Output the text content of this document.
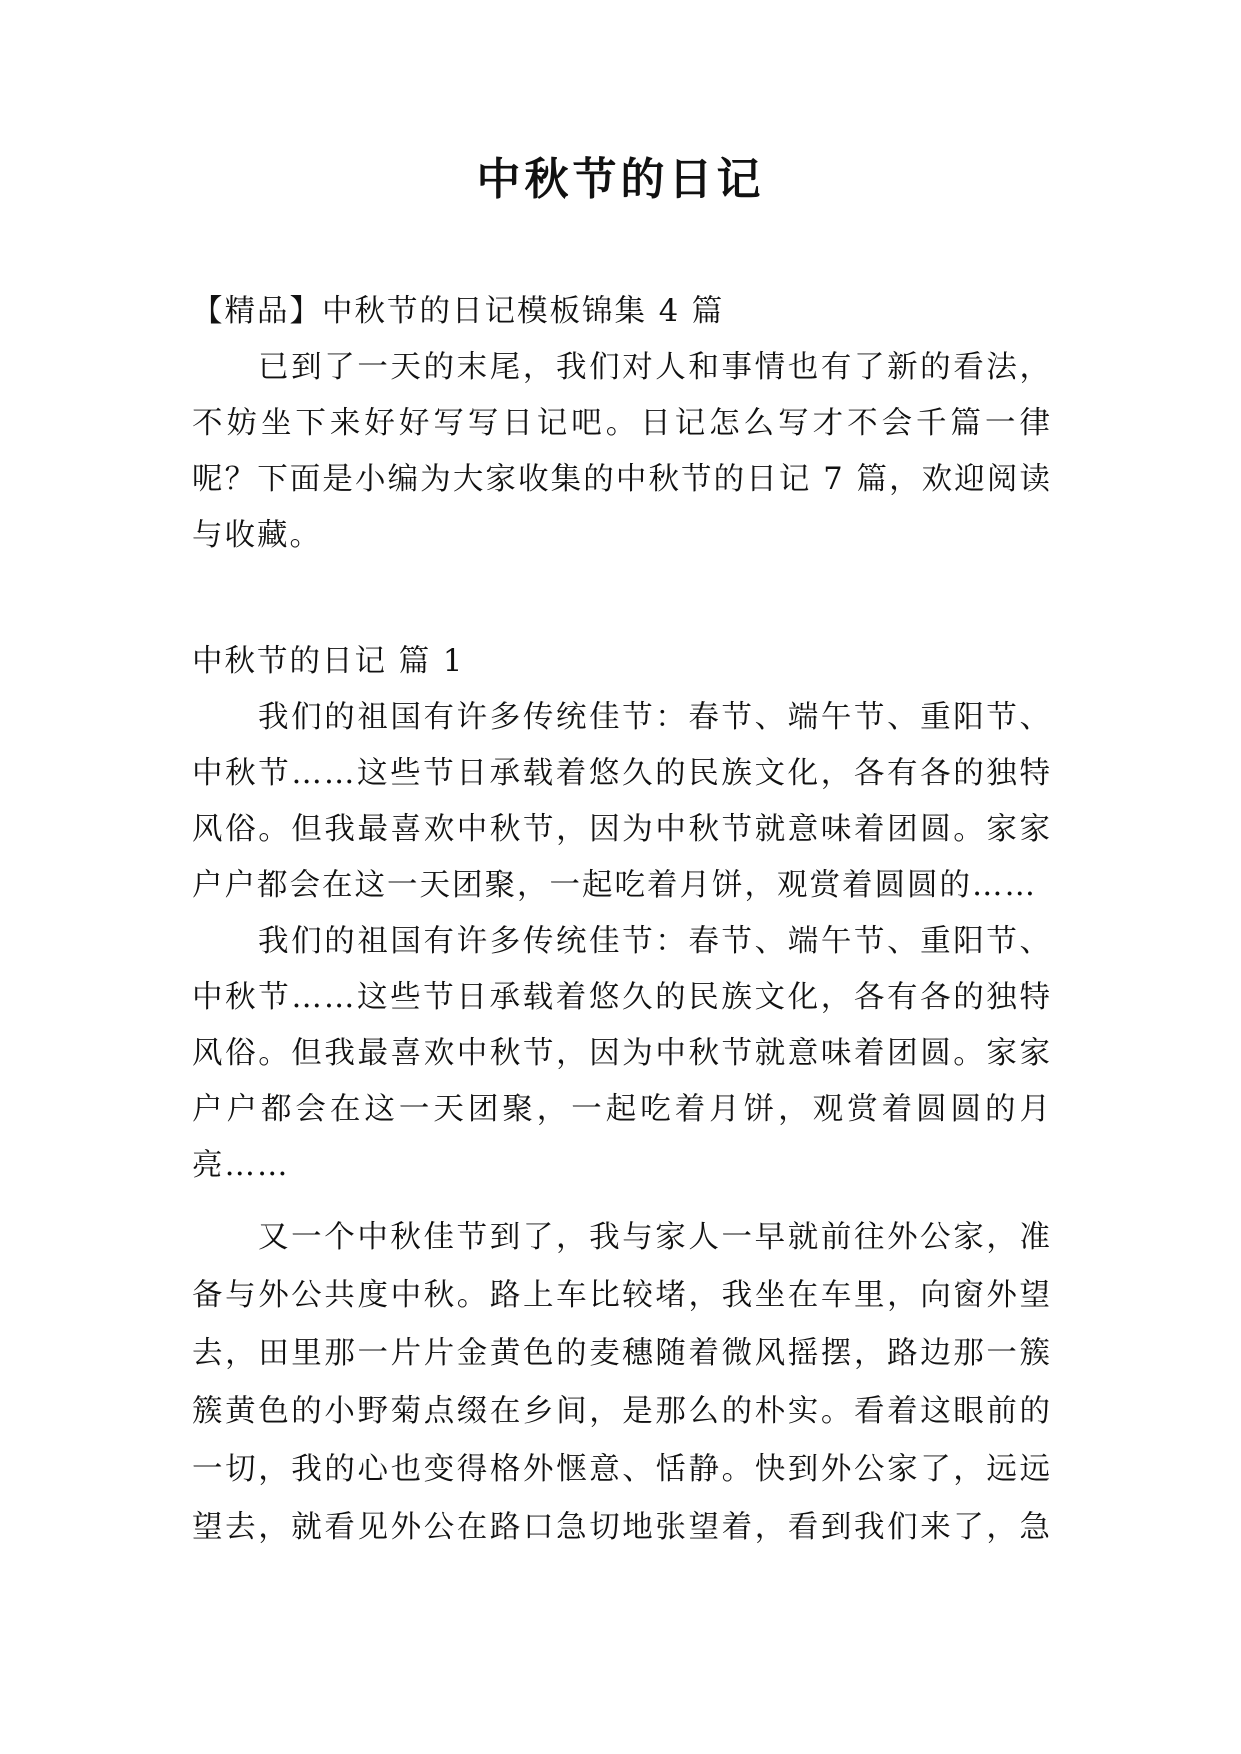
中秋节的日记

【精品】中秋节的日记模板锦集 4 篇

已到了一天的末尾，我们对人和事情也有了新的看法，

不妨坐下来好好写写日记吧。日记怎么写才不会千篇一律

呢？下面是小编为大家收集的中秋节的日记 7 篇，欢迎阅读

与收藏。

中秋节的日记 篇 1

我们的祖国有许多传统佳节：春节、端午节、重阳节、

中秋节……这些节日承载着悠久的民族文化，各有各的独特

风俗。但我最喜欢中秋节，因为中秋节就意味着团圆。家家

户户都会在这一天团聚，一起吃着月饼，观赏着圆圆的……

我们的祖国有许多传统佳节：春节、端午节、重阳节、

中秋节……这些节日承载着悠久的民族文化，各有各的独特

风俗。但我最喜欢中秋节，因为中秋节就意味着团圆。家家

户户都会在这一天团聚，一起吃着月饼，观赏着圆圆的月

亮……

又一个中秋佳节到了，我与家人一早就前往外公家，准

备与外公共度中秋。路上车比较堵，我坐在车里，向窗外望

去，田里那一片片金黄色的麦穗随着微风摇摆，路边那一簇

簇黄色的小野菊点缀在乡间，是那么的朴实。看着这眼前的

一切，我的心也变得格外惬意、恬静。快到外公家了，远远

望去，就看见外公在路口急切地张望着，看到我们来了，急
